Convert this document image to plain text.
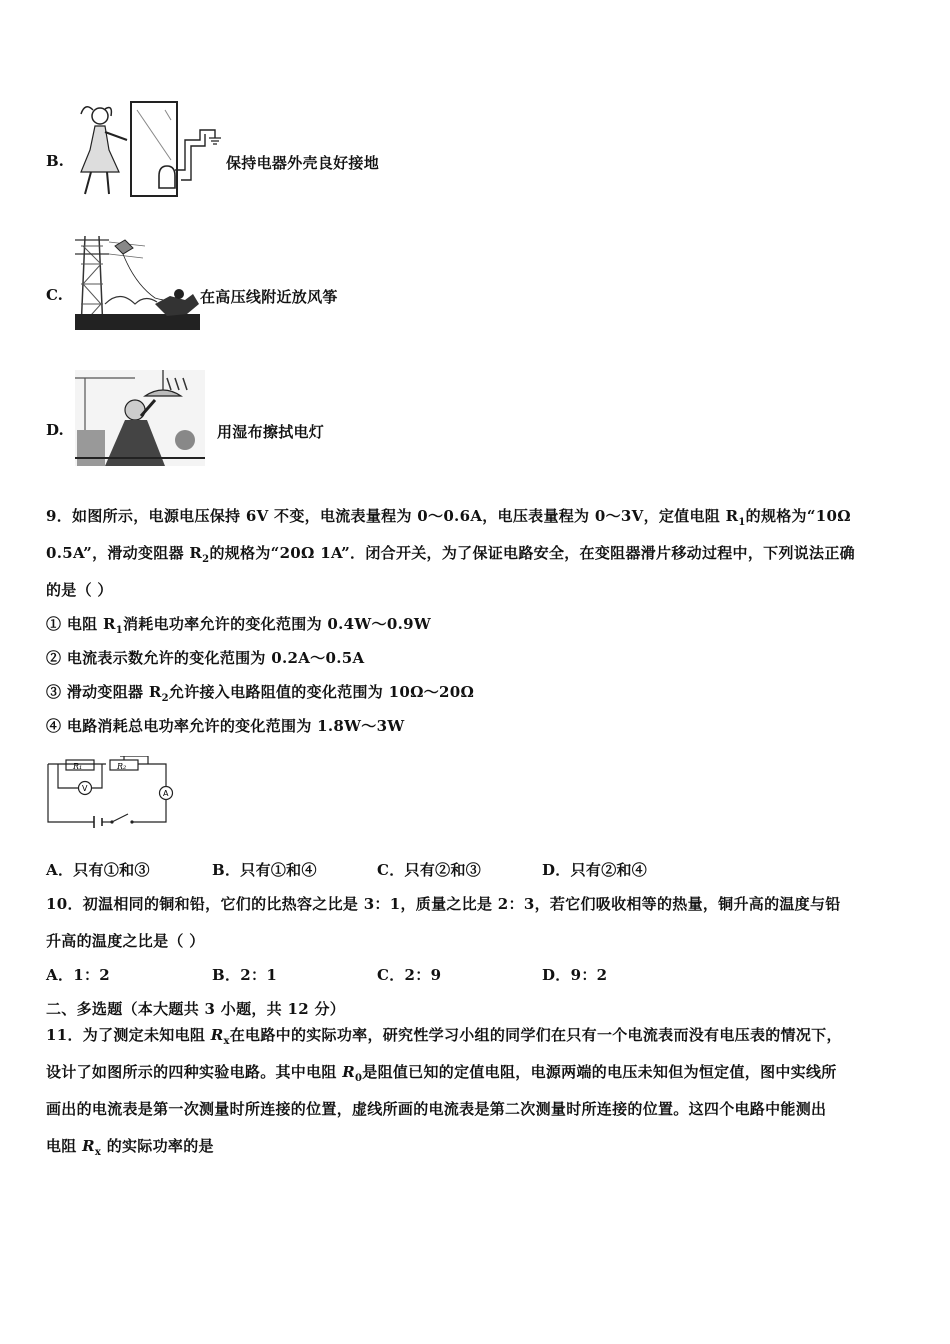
B.	保持电器外壳良好接地
C.	在高压线附近放风筝
D.	用湿布擦拭电灯
9．如图所示，电源电压保持 6V 不变，电流表量程为 0～0.6A，电压表量程为 0～3V，定值电阻 $R_1$的规格为“10Ω
0.5A”，滑动变阻器 $R_2$的规格为“20Ω 1A”．闭合开关，为了保证电路安全，在变阻器滑片移动过程中，下列说法正确
的是（ ）
① 电阻 $R_1$消耗电功率允许的变化范围为 0.4W～0.9W
② 电流表示数允许的变化范围为 0.2A～0.5A
③ 滑动变阻器 $R_2$允许接入电路阻值的变化范围为 10Ω～20Ω
④ 电路消耗总电功率允许的变化范围为 1.8W～3W
R₁	R₂
V
A
A．只有①和③	B．只有①和④	C．只有②和③	D．只有②和④
10．初温相同的铜和铅，它们的比热容之比是 3：1，质量之比是 2：3，若它们吸收相等的热量，铜升高的温度与铅
升高的温度之比是（ ）
A．1：2	B．2：1	C．2：9	D．9：2
二、多选题（本大题共 3 小题，共 12 分）
11．为了测定未知电阻 $R_x$在电路中的实际功率，研究性学习小组的同学们在只有一个电流表而没有电压表的情况下，
设计了如图所示的四种实验电路。其中电阻 $R_0$是阻值已知的定值电阻，电源两端的电压未知但为恒定值，图中实线所
画出的电流表是第一次测量时所连接的位置，虚线所画的电流表是第二次测量时所连接的位置。这四个电路中能测出
电阻 $R_x$ 的实际功率的是
